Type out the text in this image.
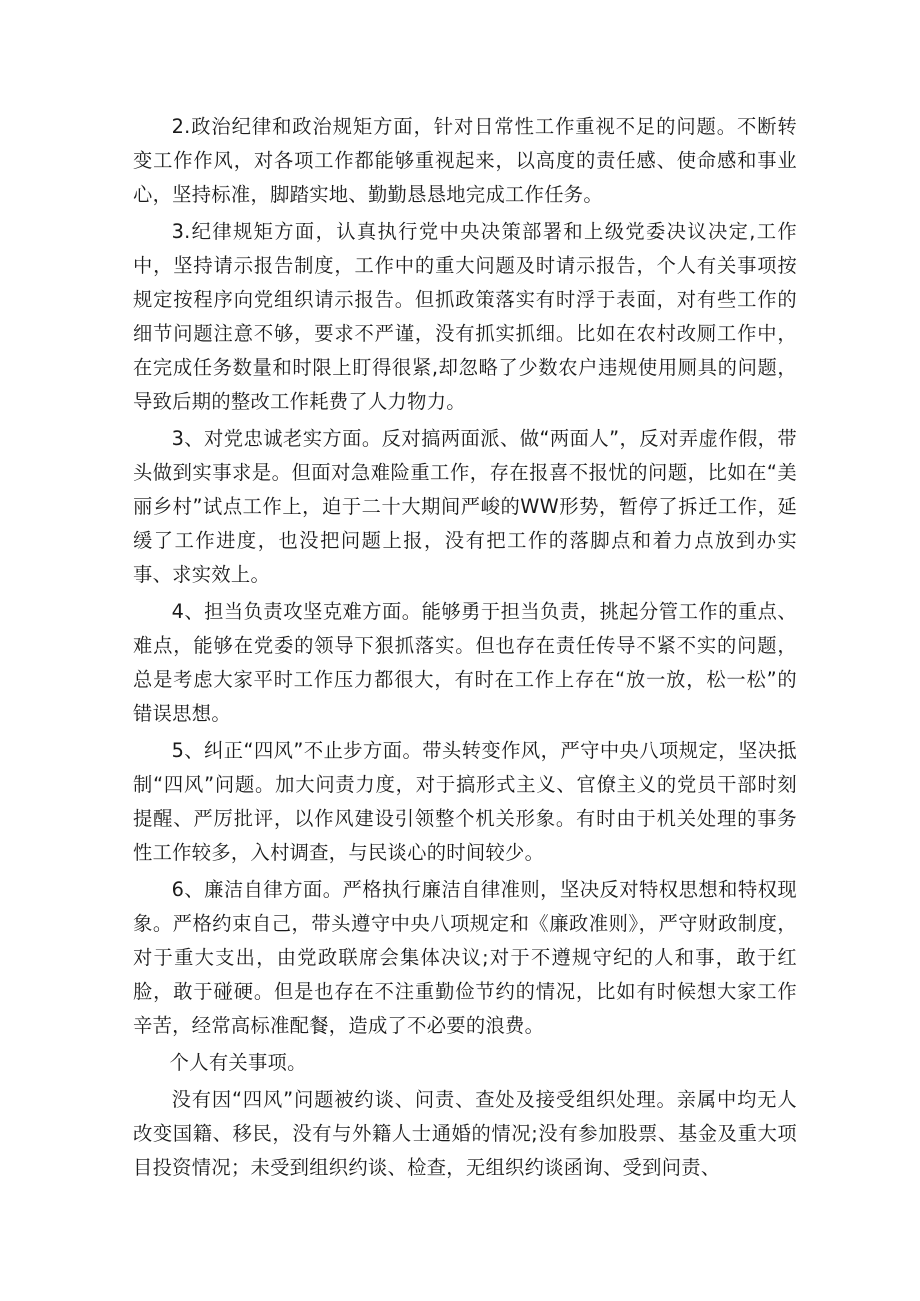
2.政治纪律和政治规矩方面，针对日常性工作重视不足的问题。不断转变工作作风，对各项工作都能够重视起来，以高度的责任感、使命感和事业心，坚持标准，脚踏实地、勤勤恳恳地完成工作任务。

3.纪律规矩方面，认真执行党中央决策部署和上级党委决议决定,工作中，坚持请示报告制度，工作中的重大问题及时请示报告，个人有关事项按规定按程序向党组织请示报告。但抓政策落实有时浮于表面，对有些工作的细节问题注意不够，要求不严谨，没有抓实抓细。比如在农村改厕工作中，在完成任务数量和时限上盯得很紧,却忽略了少数农户违规使用厕具的问题，导致后期的整改工作耗费了人力物力。

3、对党忠诚老实方面。反对搞两面派、做“两面人”，反对弄虚作假，带头做到实事求是。但面对急难险重工作，存在报喜不报忧的问题，比如在“美丽乡村”试点工作上，迫于二十大期间严峻的WW形势，暂停了拆迁工作，延缓了工作进度，也没把问题上报，没有把工作的落脚点和着力点放到办实事、求实效上。

4、担当负责攻坚克难方面。能够勇于担当负责，挑起分管工作的重点、难点，能够在党委的领导下狠抓落实。但也存在责任传导不紧不实的问题，总是考虑大家平时工作压力都很大，有时在工作上存在“放一放，松一松”的错误思想。

5、纠正“四风”不止步方面。带头转变作风，严守中央八项规定，坚决抵制“四风”问题。加大问责力度，对于搞形式主义、官僚主义的党员干部时刻提醒、严厉批评，以作风建设引领整个机关形象。有时由于机关处理的事务性工作较多，入村调查，与民谈心的时间较少。

6、廉洁自律方面。严格执行廉洁自律准则，坚决反对特权思想和特权现象。严格约束自己，带头遵守中央八项规定和《廉政准则》，严守财政制度，对于重大支出，由党政联席会集体决议;对于不遵规守纪的人和事，敢于红脸，敢于碰硬。但是也存在不注重勤俭节约的情况，比如有时候想大家工作辛苦，经常高标准配餐，造成了不必要的浪费。

个人有关事项。

没有因“四风”问题被约谈、问责、查处及接受组织处理。亲属中均无人改变国籍、移民，没有与外籍人士通婚的情况;没有参加股票、基金及重大项目投资情况；未受到组织约谈、检查，无组织约谈函询、受到问责、
